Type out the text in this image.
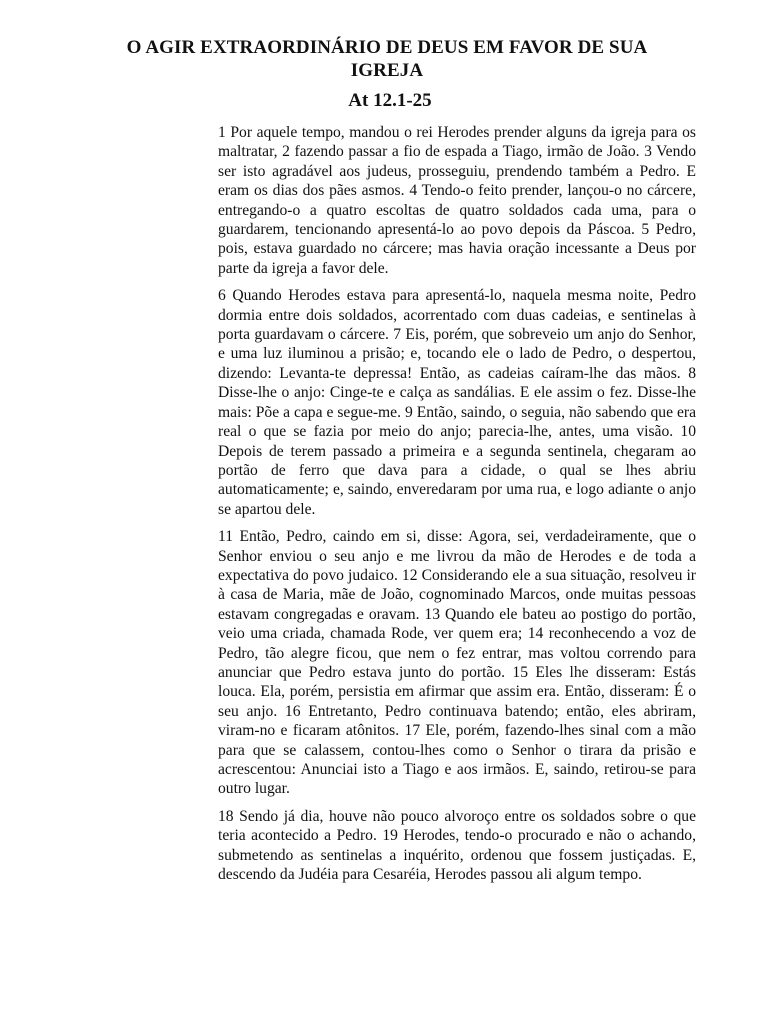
O AGIR EXTRAORDINÁRIO DE DEUS EM FAVOR DE SUA IGREJA
At 12.1-25

1 Por aquele tempo, mandou o rei Herodes prender alguns da igreja para os maltratar, 2 fazendo passar a fio de espada a Tiago, irmão de João. 3 Vendo ser isto agradável aos judeus, prosseguiu, prendendo também a Pedro. E eram os dias dos pães asmos. 4 Tendo-o feito prender, lançou-o no cárcere, entregando-o a quatro escoltas de quatro soldados cada uma, para o guardarem, tencionando apresentá-lo ao povo depois da Páscoa. 5 Pedro, pois, estava guardado no cárcere; mas havia oração incessante a Deus por parte da igreja a favor dele.

6 Quando Herodes estava para apresentá-lo, naquela mesma noite, Pedro dormia entre dois soldados, acorrentado com duas cadeias, e sentinelas à porta guardavam o cárcere. 7 Eis, porém, que sobreveio um anjo do Senhor, e uma luz iluminou a prisão; e, tocando ele o lado de Pedro, o despertou, dizendo: Levanta-te depressa! Então, as cadeias caíram-lhe das mãos. 8 Disse-lhe o anjo: Cinge-te e calça as sandálias. E ele assim o fez. Disse-lhe mais: Põe a capa e segue-me. 9 Então, saindo, o seguia, não sabendo que era real o que se fazia por meio do anjo; parecia-lhe, antes, uma visão. 10 Depois de terem passado a primeira e a segunda sentinela, chegaram ao portão de ferro que dava para a cidade, o qual se lhes abriu automaticamente; e, saindo, enveredaram por uma rua, e logo adiante o anjo se apartou dele.

11 Então, Pedro, caindo em si, disse: Agora, sei, verdadeiramente, que o Senhor enviou o seu anjo e me livrou da mão de Herodes e de toda a expectativa do povo judaico. 12 Considerando ele a sua situação, resolveu ir à casa de Maria, mãe de João, cognominado Marcos, onde muitas pessoas estavam congregadas e oravam. 13 Quando ele bateu ao postigo do portão, veio uma criada, chamada Rode, ver quem era; 14 reconhecendo a voz de Pedro, tão alegre ficou, que nem o fez entrar, mas voltou correndo para anunciar que Pedro estava junto do portão. 15 Eles lhe disseram: Estás louca. Ela, porém, persistia em afirmar que assim era. Então, disseram: É o seu anjo. 16 Entretanto, Pedro continuava batendo; então, eles abriram, viram-no e ficaram atônitos. 17 Ele, porém, fazendo-lhes sinal com a mão para que se calassem, contou-lhes como o Senhor o tirara da prisão e acrescentou: Anunciai isto a Tiago e aos irmãos. E, saindo, retirou-se para outro lugar.

18 Sendo já dia, houve não pouco alvoroço entre os soldados sobre o que teria acontecido a Pedro. 19 Herodes, tendo-o procurado e não o achando, submetendo as sentinelas a inquérito, ordenou que fossem justiçadas. E, descendo da Judéia para Cesaréia, Herodes passou ali algum tempo.
